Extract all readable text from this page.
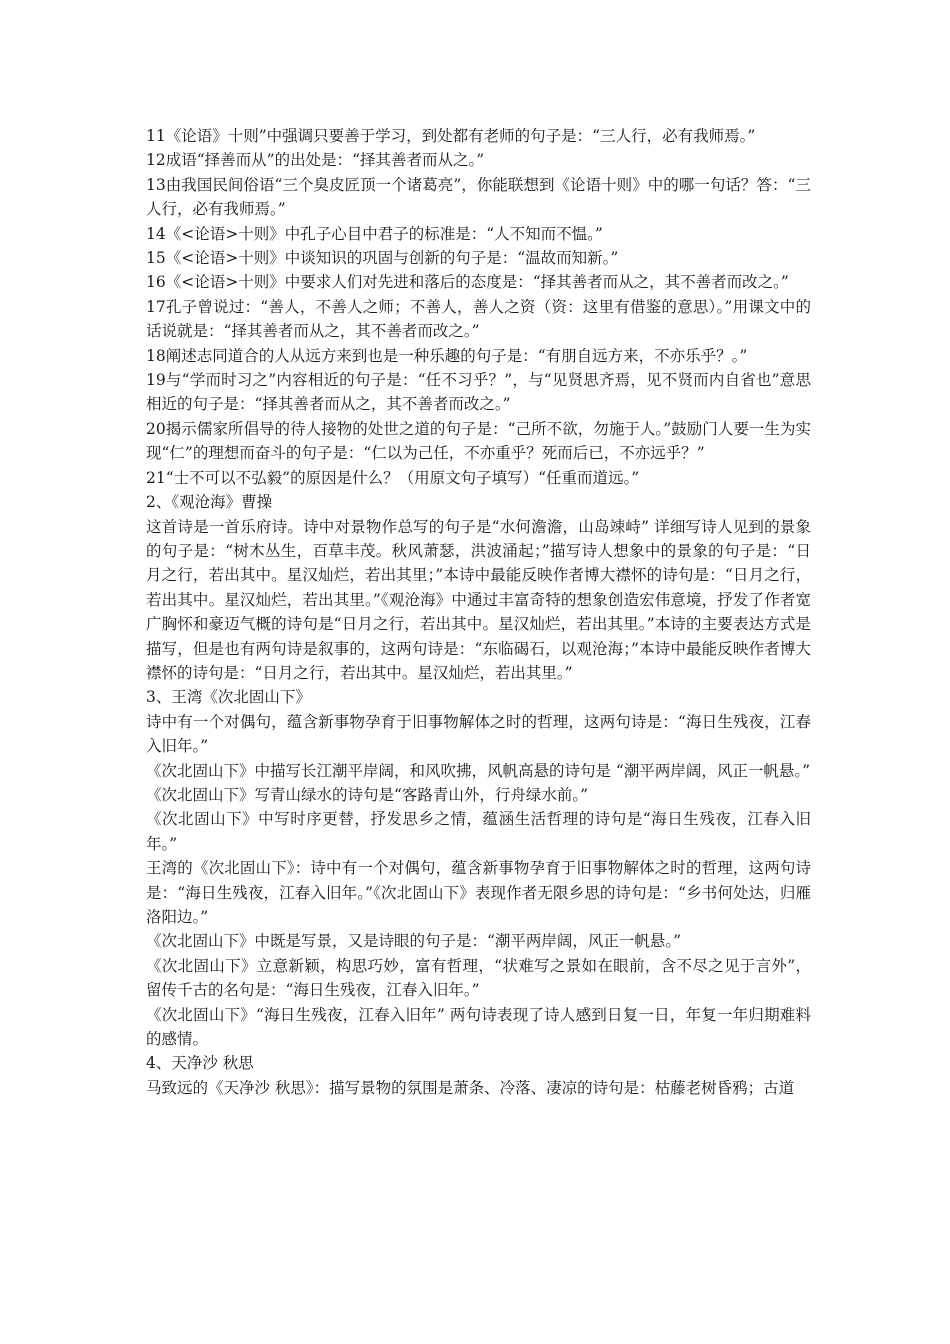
11《论语》十则”中强调只要善于学习，到处都有老师的句子是：“三人行，必有我师焉。”

12成语“择善而从”的出处是：“择其善者而从之。”

13由我国民间俗语“三个臭皮匠顶一个诸葛亮”，你能联想到《论语十则》中的哪一句话？答：“三人行，必有我师焉。”

14《<论语>十则》中孔子心目中君子的标准是：“人不知而不愠。”

15《<论语>十则》中谈知识的巩固与创新的句子是：“温故而知新。”

16《<论语>十则》中要求人们对先进和落后的态度是：“择其善者而从之，其不善者而改之。”

17孔子曾说过：“善人，不善人之师；不善人，善人之资（资：这里有借鉴的意思）。”用课文中的话说就是：“择其善者而从之，其不善者而改之。”

18阐述志同道合的人从远方来到也是一种乐趣的句子是：“有朋自远方来，不亦乐乎？。”

19与“学而时习之”内容相近的句子是：“任不习乎？”，与“见贤思齐焉，见不贤而内自省也”意思相近的句子是：“择其善者而从之，其不善者而改之。”

20揭示儒家所倡导的待人接物的处世之道的句子是：“己所不欲，勿施于人。”鼓励门人要一生为实现“仁”的理想而奋斗的句子是：“仁以为己任，不亦重乎？死而后已，不亦远乎？”

21“士不可以不弘毅”的原因是什么？（用原文句子填写）“任重而道远。”

2、《观沧海》曹操

这首诗是一首乐府诗。诗中对景物作总写的句子是“水何澹澹，山岛竦峙” 详细写诗人见到的景象的句子是：“树木丛生，百草丰茂。秋风萧瑟，洪波涌起；”描写诗人想象中的景象的句子是：“日月之行，若出其中。星汉灿烂，若出其里；”本诗中最能反映作者博大襟怀的诗句是：“日月之行，若出其中。星汉灿烂，若出其里。”《观沧海》中通过丰富奇特的想象创造宏伟意境，抒发了作者宽广胸怀和豪迈气概的诗句是“日月之行，若出其中。星汉灿烂，若出其里。”本诗的主要表达方式是描写，但是也有两句诗是叙事的，这两句诗是：“东临碣石，以观沧海；”本诗中最能反映作者博大襟怀的诗句是：“日月之行，若出其中。星汉灿烂，若出其里。”

3、王湾《次北固山下》

诗中有一个对偶句，蕴含新事物孕育于旧事物解体之时的哲理，这两句诗是：“海日生残夜，江春入旧年。”

《次北固山下》中描写长江潮平岸阔，和风吹拂，风帆高悬的诗句是 “潮平两岸阔，风正一帆悬。”

《次北固山下》写青山绿水的诗句是“客路青山外，行舟绿水前。”

《次北固山下》中写时序更替，抒发思乡之情，蕴涵生活哲理的诗句是“海日生残夜，江春入旧年。”

王湾的《次北固山下》：诗中有一个对偶句，蕴含新事物孕育于旧事物解体之时的哲理，这两句诗是：“海日生残夜，江春入旧年。”《次北固山下》表现作者无限乡思的诗句是：“乡书何处达，归雁洛阳边。”

《次北固山下》中既是写景，又是诗眼的句子是：“潮平两岸阔，风正一帆悬。”

《次北固山下》立意新颖，构思巧妙，富有哲理，“状难写之景如在眼前，含不尽之见于言外”，留传千古的名句是：“海日生残夜，江春入旧年。”

《次北固山下》“海日生残夜，江春入旧年” 两句诗表现了诗人感到日复一日，年复一年归期难料的感情。

4、天净沙 秋思

马致远的《天净沙 秋思》：描写景物的氛围是萧条、冷落、凄凉的诗句是：枯藤老树昏鸦；古道
